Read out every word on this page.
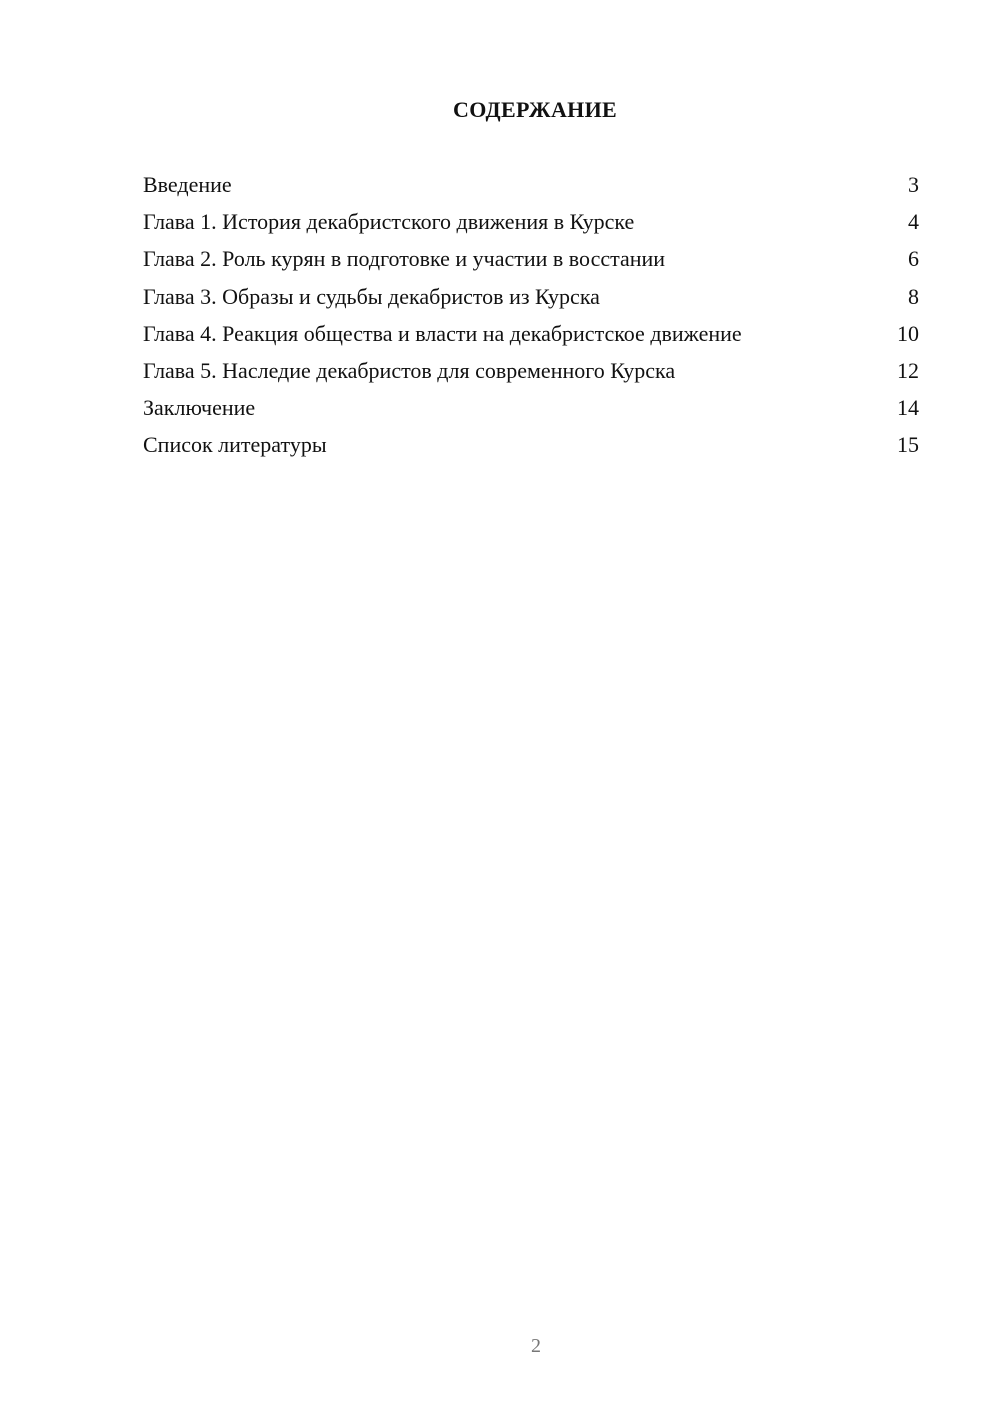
СОДЕРЖАНИЕ
Введение	3
Глава 1. История декабристского движения в Курске	4
Глава 2. Роль курян в подготовке и участии в восстании	6
Глава 3. Образы и судьбы декабристов из Курска	8
Глава 4. Реакция общества и власти на декабристское движение	10
Глава 5. Наследие декабристов для современного Курска	12
Заключение	14
Список литературы	15
2
